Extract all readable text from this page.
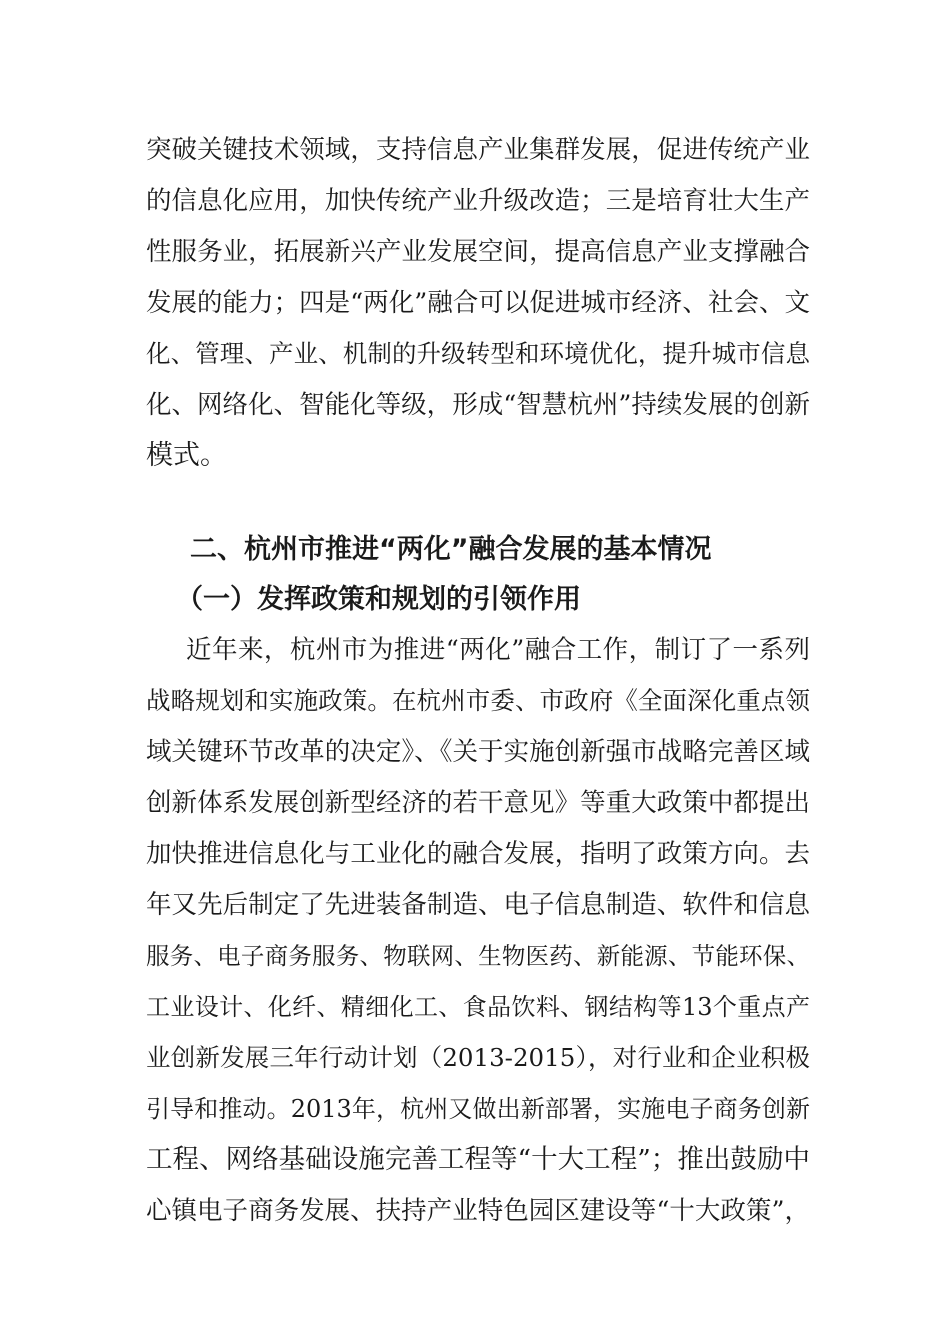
突破关键技术领域，支持信息产业集群发展，促进传统产业
的信息化应用，加快传统产业升级改造；三是培育壮大生产
性服务业，拓展新兴产业发展空间，提高信息产业支撑融合
发展的能力；四是“两化”融合可以促进城市经济、社会、文
化、管理、产业、机制的升级转型和环境优化，提升城市信息
化、网络化、智能化等级，形成“智慧杭州”持续发展的创新
模式。
二、杭州市推进“两化”融合发展的基本情况
（一）发挥政策和规划的引领作用
近年来，杭州市为推进“两化”融合工作，制订了一系列
战略规划和实施政策。在杭州市委、市政府《全面深化重点领
域关键环节改革的决定》、《关于实施创新强市战略完善区域
创新体系发展创新型经济的若干意见》等重大政策中都提出
加快推进信息化与工业化的融合发展，指明了政策方向。去
年又先后制定了先进装备制造、电子信息制造、软件和信息
服务、电子商务服务、物联网、生物医药、新能源、节能环保、
工业设计、化纤、精细化工、食品饮料、钢结构等13个重点产
业创新发展三年行动计划（2013-2015），对行业和企业积极
引导和推动。2013年，杭州又做出新部署，实施电子商务创新
工程、网络基础设施完善工程等“十大工程”；推出鼓励中
心镇电子商务发展、扶持产业特色园区建设等“十大政策”，
